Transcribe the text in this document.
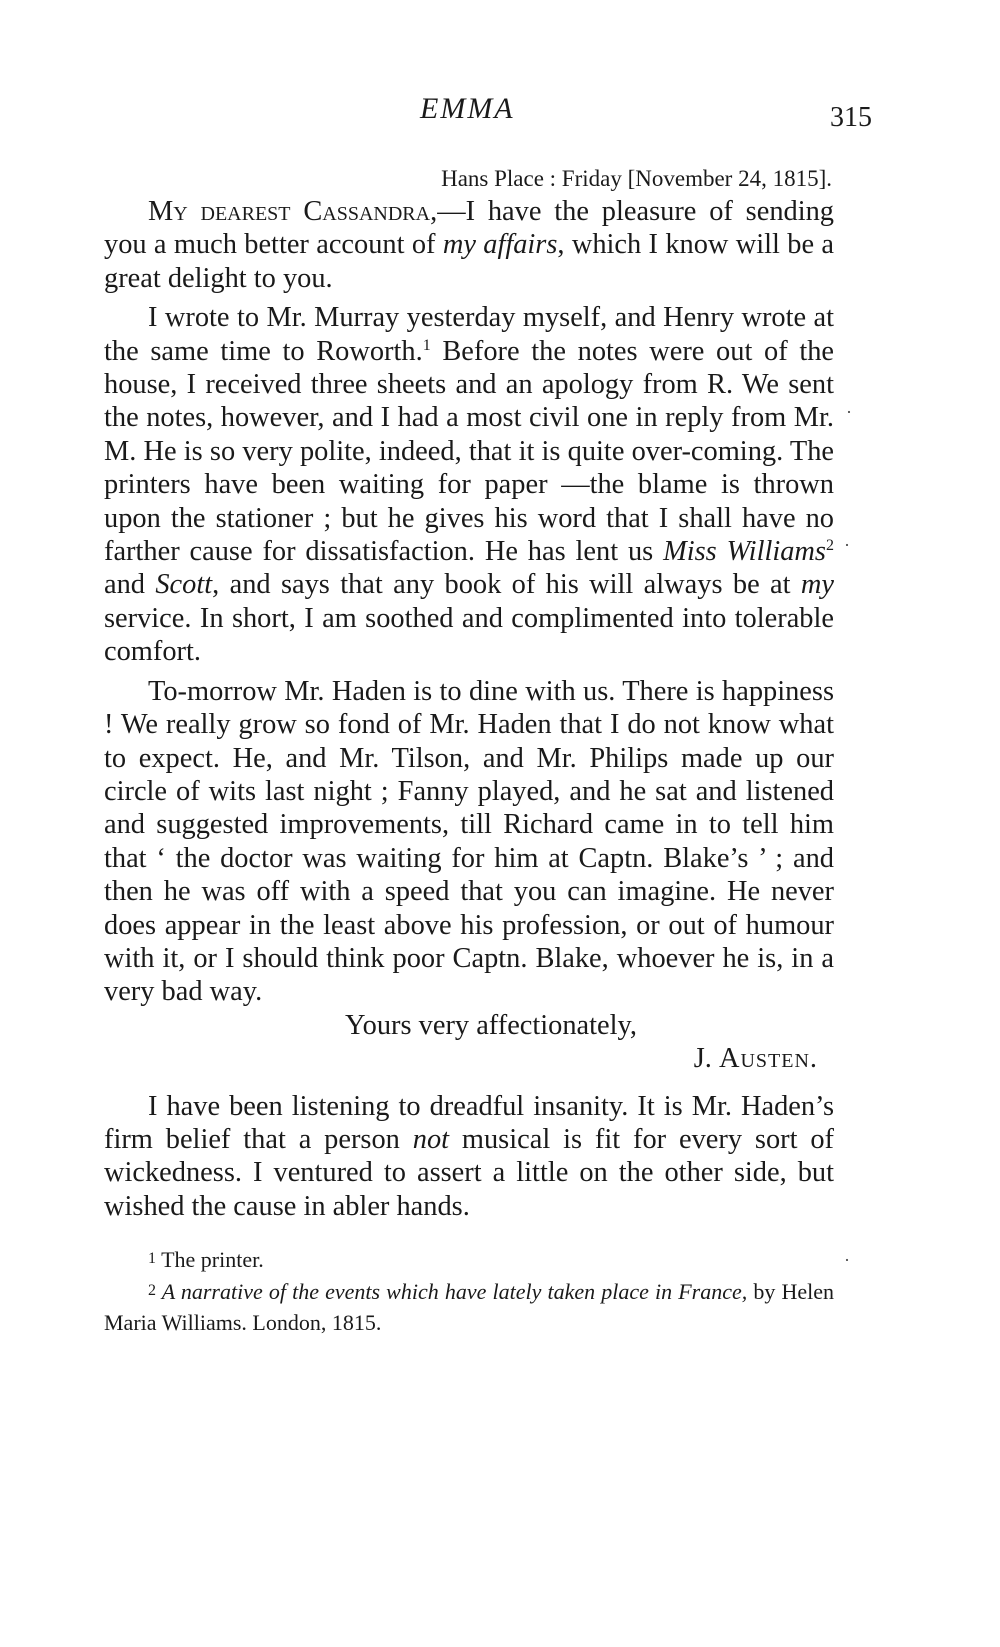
EMMA	315

Hans Place : Friday [November 24, 1815].

My dearest Cassandra,—I have the pleasure of sending you a much better account of my affairs, which I know will be a great delight to you.

I wrote to Mr. Murray yesterday myself, and Henry wrote at the same time to Roworth.$^1$ Before the notes were out of the house, I received three sheets and an apology from R. We sent the notes, however, and I had a most civil one in reply from Mr. M. He is so very polite, indeed, that it is quite over-coming. The printers have been waiting for paper —the blame is thrown upon the stationer ; but he gives his word that I shall have no farther cause for dissatisfaction. He has lent us Miss Williams$^2$ and Scott, and says that any book of his will always be at my service. In short, I am soothed and complimented into tolerable comfort.

To-morrow Mr. Haden is to dine with us. There is happiness ! We really grow so fond of Mr. Haden that I do not know what to expect. He, and Mr. Tilson, and Mr. Philips made up our circle of wits last night ; Fanny played, and he sat and listened and suggested improvements, till Richard came in to tell him that ‘ the doctor was waiting for him at Captn. Blake’s ’ ; and then he was off with a speed that you can imagine. He never does appear in the least above his profession, or out of humour with it, or I should think poor Captn. Blake, whoever he is, in a very bad way.

Yours very affectionately,

J. Austen.

I have been listening to dreadful insanity. It is Mr. Haden’s firm belief that a person not musical is fit for every sort of wickedness. I ventured to assert a little on the other side, but wished the cause in abler hands.

1 The printer.

2 A narrative of the events which have lately taken place in France, by Helen Maria Williams. London, 1815.

·
·
·
